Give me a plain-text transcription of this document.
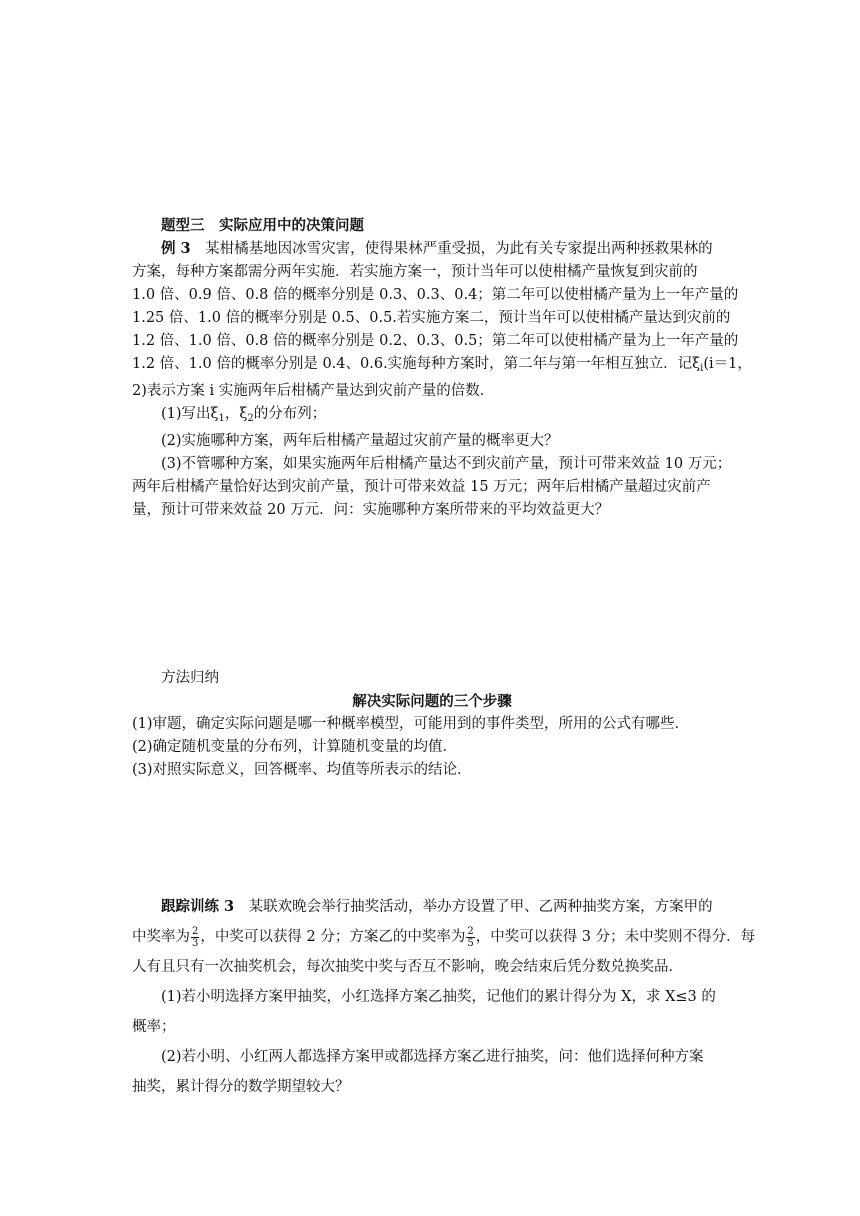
题型三　实际应用中的决策问题
例 3　 某柑橘基地因冰雪灾害，使得果林严重受损，为此有关专家提出两种拯救果林的
方案，每种方案都需分两年实施．若实施方案一，预计当年可以使柑橘产量恢复到灾前的
1.0 倍、0.9 倍、0.8 倍的概率分别是 0.3、0.3、0.4；第二年可以使柑橘产量为上一年产量的
1.25 倍、1.0 倍的概率分别是 0.5、0.5.若实施方案二，预计当年可以使柑橘产量达到灾前的
1.2 倍、1.0 倍、0.8 倍的概率分别是 0.2、0.3、0.5；第二年可以使柑橘产量为上一年产量的
1.2 倍、1.0 倍的概率分别是 0.4、0.6.实施每种方案时，第二年与第一年相互独立．记$\xi_i(i=1$，
2)表示方案 i 实施两年后柑橘产量达到灾前产量的倍数．
(1)写出$\xi_1$，$\xi_2$的分布列；
(2)实施哪种方案，两年后柑橘产量超过灾前产量的概率更大？
(3)不管哪种方案，如果实施两年后柑橘产量达不到灾前产量，预计可带来效益 10 万元；
两年后柑橘产量恰好达到灾前产量，预计可带来效益 15 万元；两年后柑橘产量超过灾前产
量，预计可带来效益 20 万元．问：实施哪种方案所带来的平均效益更大？
方法归纳
解决实际问题的三个步骤
(1)审题，确定实际问题是哪一种概率模型，可能用到的事件类型，所用的公式有哪些．
(2)确定随机变量的分布列，计算随机变量的均值．
(3)对照实际意义，回答概率、均值等所表示的结论．
跟踪训练 3　 某联欢晚会举行抽奖活动，举办方设置了甲、乙两种抽奖方案，方案甲的
中奖率为 $\frac{2}{3}$ ，中奖可以获得 2 分；方案乙的中奖率为 $\frac{2}{5}$ ，中奖可以获得 3 分；未中奖则不得分．每
人有且只有一次抽奖机会，每次抽奖中奖与否互不影响，晚会结束后凭分数兑换奖品．
(1)若小明选择方案甲抽奖，小红选择方案乙抽奖，记他们的累计得分为 X，求 X≤3 的
概率；
(2)若小明、小红两人都选择方案甲或都选择方案乙进行抽奖，问：他们选择何种方案
抽奖，累计得分的数学期望较大？
